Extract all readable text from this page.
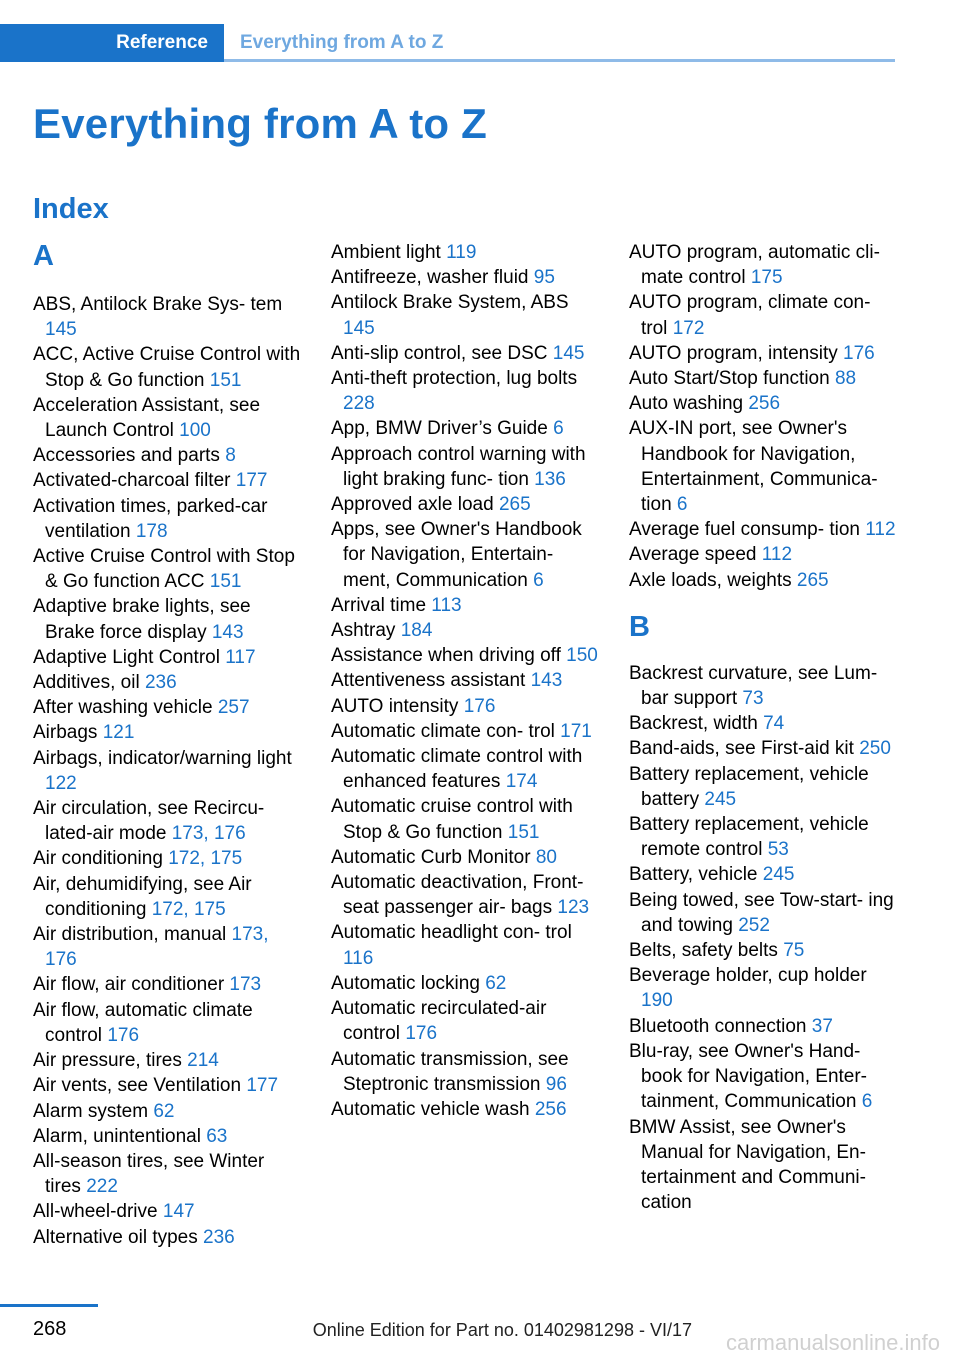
Reference Everything from A to Z
Everything from A to Z
Index

A

ABS, Antilock Brake Sys- tem 145

ACC, Active Cruise Control with Stop & Go function 151

Acceleration Assistant, see Launch Control 100

Accessories and parts 8

Activated-charcoal filter 177

Activation times, parked-car ventilation 178

Active Cruise Control with Stop & Go function ACC 151

Adaptive brake lights, see Brake force display 143

Adaptive Light Control 117

Additives, oil 236

After washing vehicle 257

Airbags 121

Airbags, indicator/warning light 122

Air circulation, see Recircu- lated-air mode 173, 176

Air conditioning 172, 175

Air, dehumidifying, see Air conditioning 172, 175

Air distribution, manual 173, 176

Air flow, air conditioner 173

Air flow, automatic climate control 176

Air pressure, tires 214

Air vents, see Ventilation 177

Alarm system 62

Alarm, unintentional 63

All-season tires, see Winter tires 222

All-wheel-drive 147

Alternative oil types 236

Ambient light 119

Antifreeze, washer fluid 95

Antilock Brake System, ABS 145

Anti-slip control, see DSC 145

Anti-theft protection, lug bolts 228

App, BMW Driver’s Guide 6

Approach control warning with light braking func- tion 136

Approved axle load 265

Apps, see Owner's Handbook for Navigation, Entertain- ment, Communication 6

Arrival time 113

Ashtray 184

Assistance when driving off 150

Attentiveness assistant 143

AUTO intensity 176

Automatic climate con- trol 171

Automatic climate control with enhanced features 174

Automatic cruise control with Stop & Go function 151

Automatic Curb Monitor 80

Automatic deactivation, Front-seat passenger air- bags 123

Automatic headlight con- trol 116

Automatic locking 62

Automatic recirculated-air control 176

Automatic transmission, see Steptronic transmission 96

Automatic vehicle wash 256

AUTO program, automatic cli- mate control 175

AUTO program, climate con- trol 172

AUTO program, intensity 176

Auto Start/Stop function 88

Auto washing 256

AUX-IN port, see Owner's Handbook for Navigation, Entertainment, Communica- tion 6

Average fuel consump- tion 112

Average speed 112

Axle loads, weights 265

B

Backrest curvature, see Lum- bar support 73

Backrest, width 74

Band-aids, see First-aid kit 250

Battery replacement, vehicle battery 245

Battery replacement, vehicle remote control 53

Battery, vehicle 245

Being towed, see Tow-start- ing and towing 252

Belts, safety belts 75

Beverage holder, cup holder 190

Bluetooth connection 37

Blu-ray, see Owner's Hand- book for Navigation, Enter- tainment, Communication 6

BMW Assist, see Owner's Manual for Navigation, En- tertainment and Communi- cation

268	Online Edition for Part no. 01402981298 - VI/17 carmanualsonline.info
